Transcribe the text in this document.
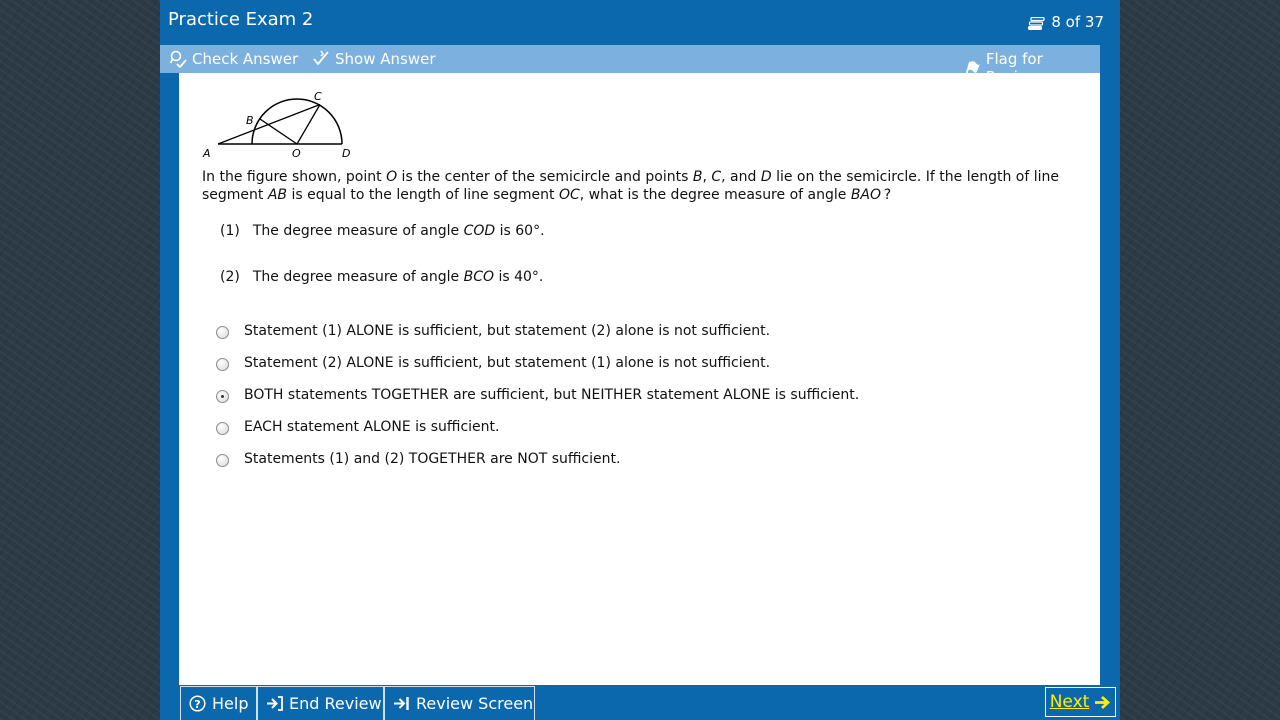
Practice Exam 2	8 of 37
Check Answer Show Answer	Flag for
A
B
C
O	D
In the figure shown, point O is the center of the semicircle and points B, C, and D lie on the semicircle. If the length of line segment AB is equal to the length of line segment OC, what is the degree measure of angle BAO ?
(1) The degree measure of angle COD is 60°.
(2) The degree measure of angle BCO is 40°.
Statement (1) ALONE is sufficient, but statement (2) alone is not sufficient.
Statement (2) ALONE is sufficient, but statement (1) alone is not sufficient.
BOTH statements TOGETHER are sufficient, but NEITHER statement ALONE is sufficient.
EACH statement ALONE is sufficient.
Statements (1) and (2) TOGETHER are NOT sufficient.
? Help	End Review Review Screen	Next
